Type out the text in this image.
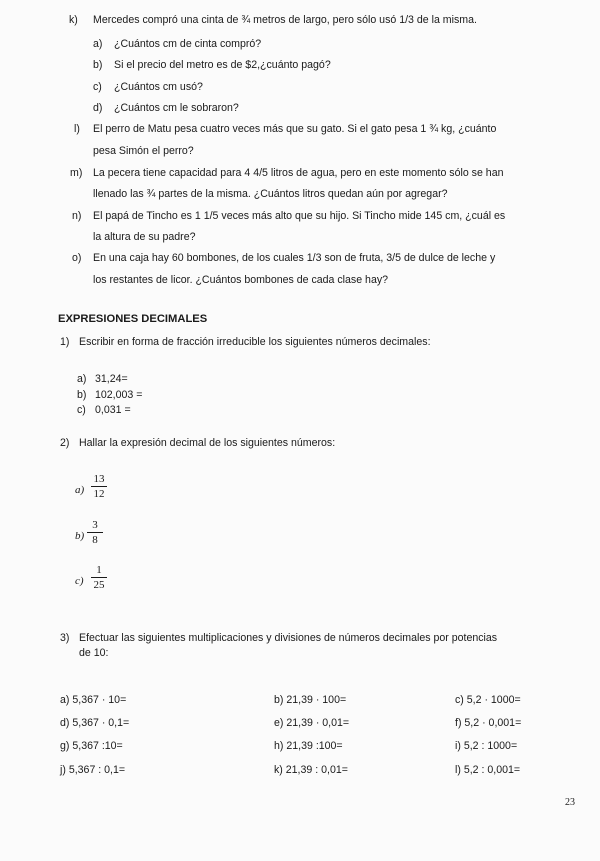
k) Mercedes compró una cinta de ¾ metros de largo, pero sólo usó 1/3 de la misma.
a) ¿Cuántos cm de cinta compró?
b) Si el precio del metro es de $2,¿cuánto pagó?
c) ¿Cuántos cm usó?
d) ¿Cuántos cm le sobraron?
l) El perro de Matu pesa cuatro veces más que su gato. Si el gato pesa 1 ¾ kg, ¿cuánto
pesa Simón el perro?
m) La pecera tiene capacidad para 4 4/5 litros de agua, pero en este momento sólo se han
llenado las ¾ partes de la misma. ¿Cuántos litros quedan aún por agregar?
n) El papá de Tincho es 1 1/5 veces más alto que su hijo. Si Tincho mide 145 cm, ¿cuál es
la altura de su padre?
o) En una caja hay 60 bombones, de los cuales 1/3 son de fruta, 3/5 de dulce de leche y
los restantes de licor. ¿Cuántos bombones de cada clase hay?
EXPRESIONES DECIMALES
1) Escribir en forma de fracción irreducible los siguientes números decimales:
a) 31,24=
b) 102,003 =
c) 0,031 =
2) Hallar la expresión decimal de los siguientes números:
a)
13
12
b)
3
8
c)
1
25
3) Efectuar las siguientes multiplicaciones y divisiones de números decimales por potencias
de 10:
a) 5,367 · 10=	b) 21,39 · 100=	c) 5,2 · 1000=
d) 5,367 · 0,1=	e) 21,39 · 0,01=	f) 5,2 · 0,001=
g) 5,367 :10=	h) 21,39 :100=	i) 5,2 : 1000=
j) 5,367 : 0,1=	k) 21,39 : 0,01=	l) 5,2 : 0,001=
23
